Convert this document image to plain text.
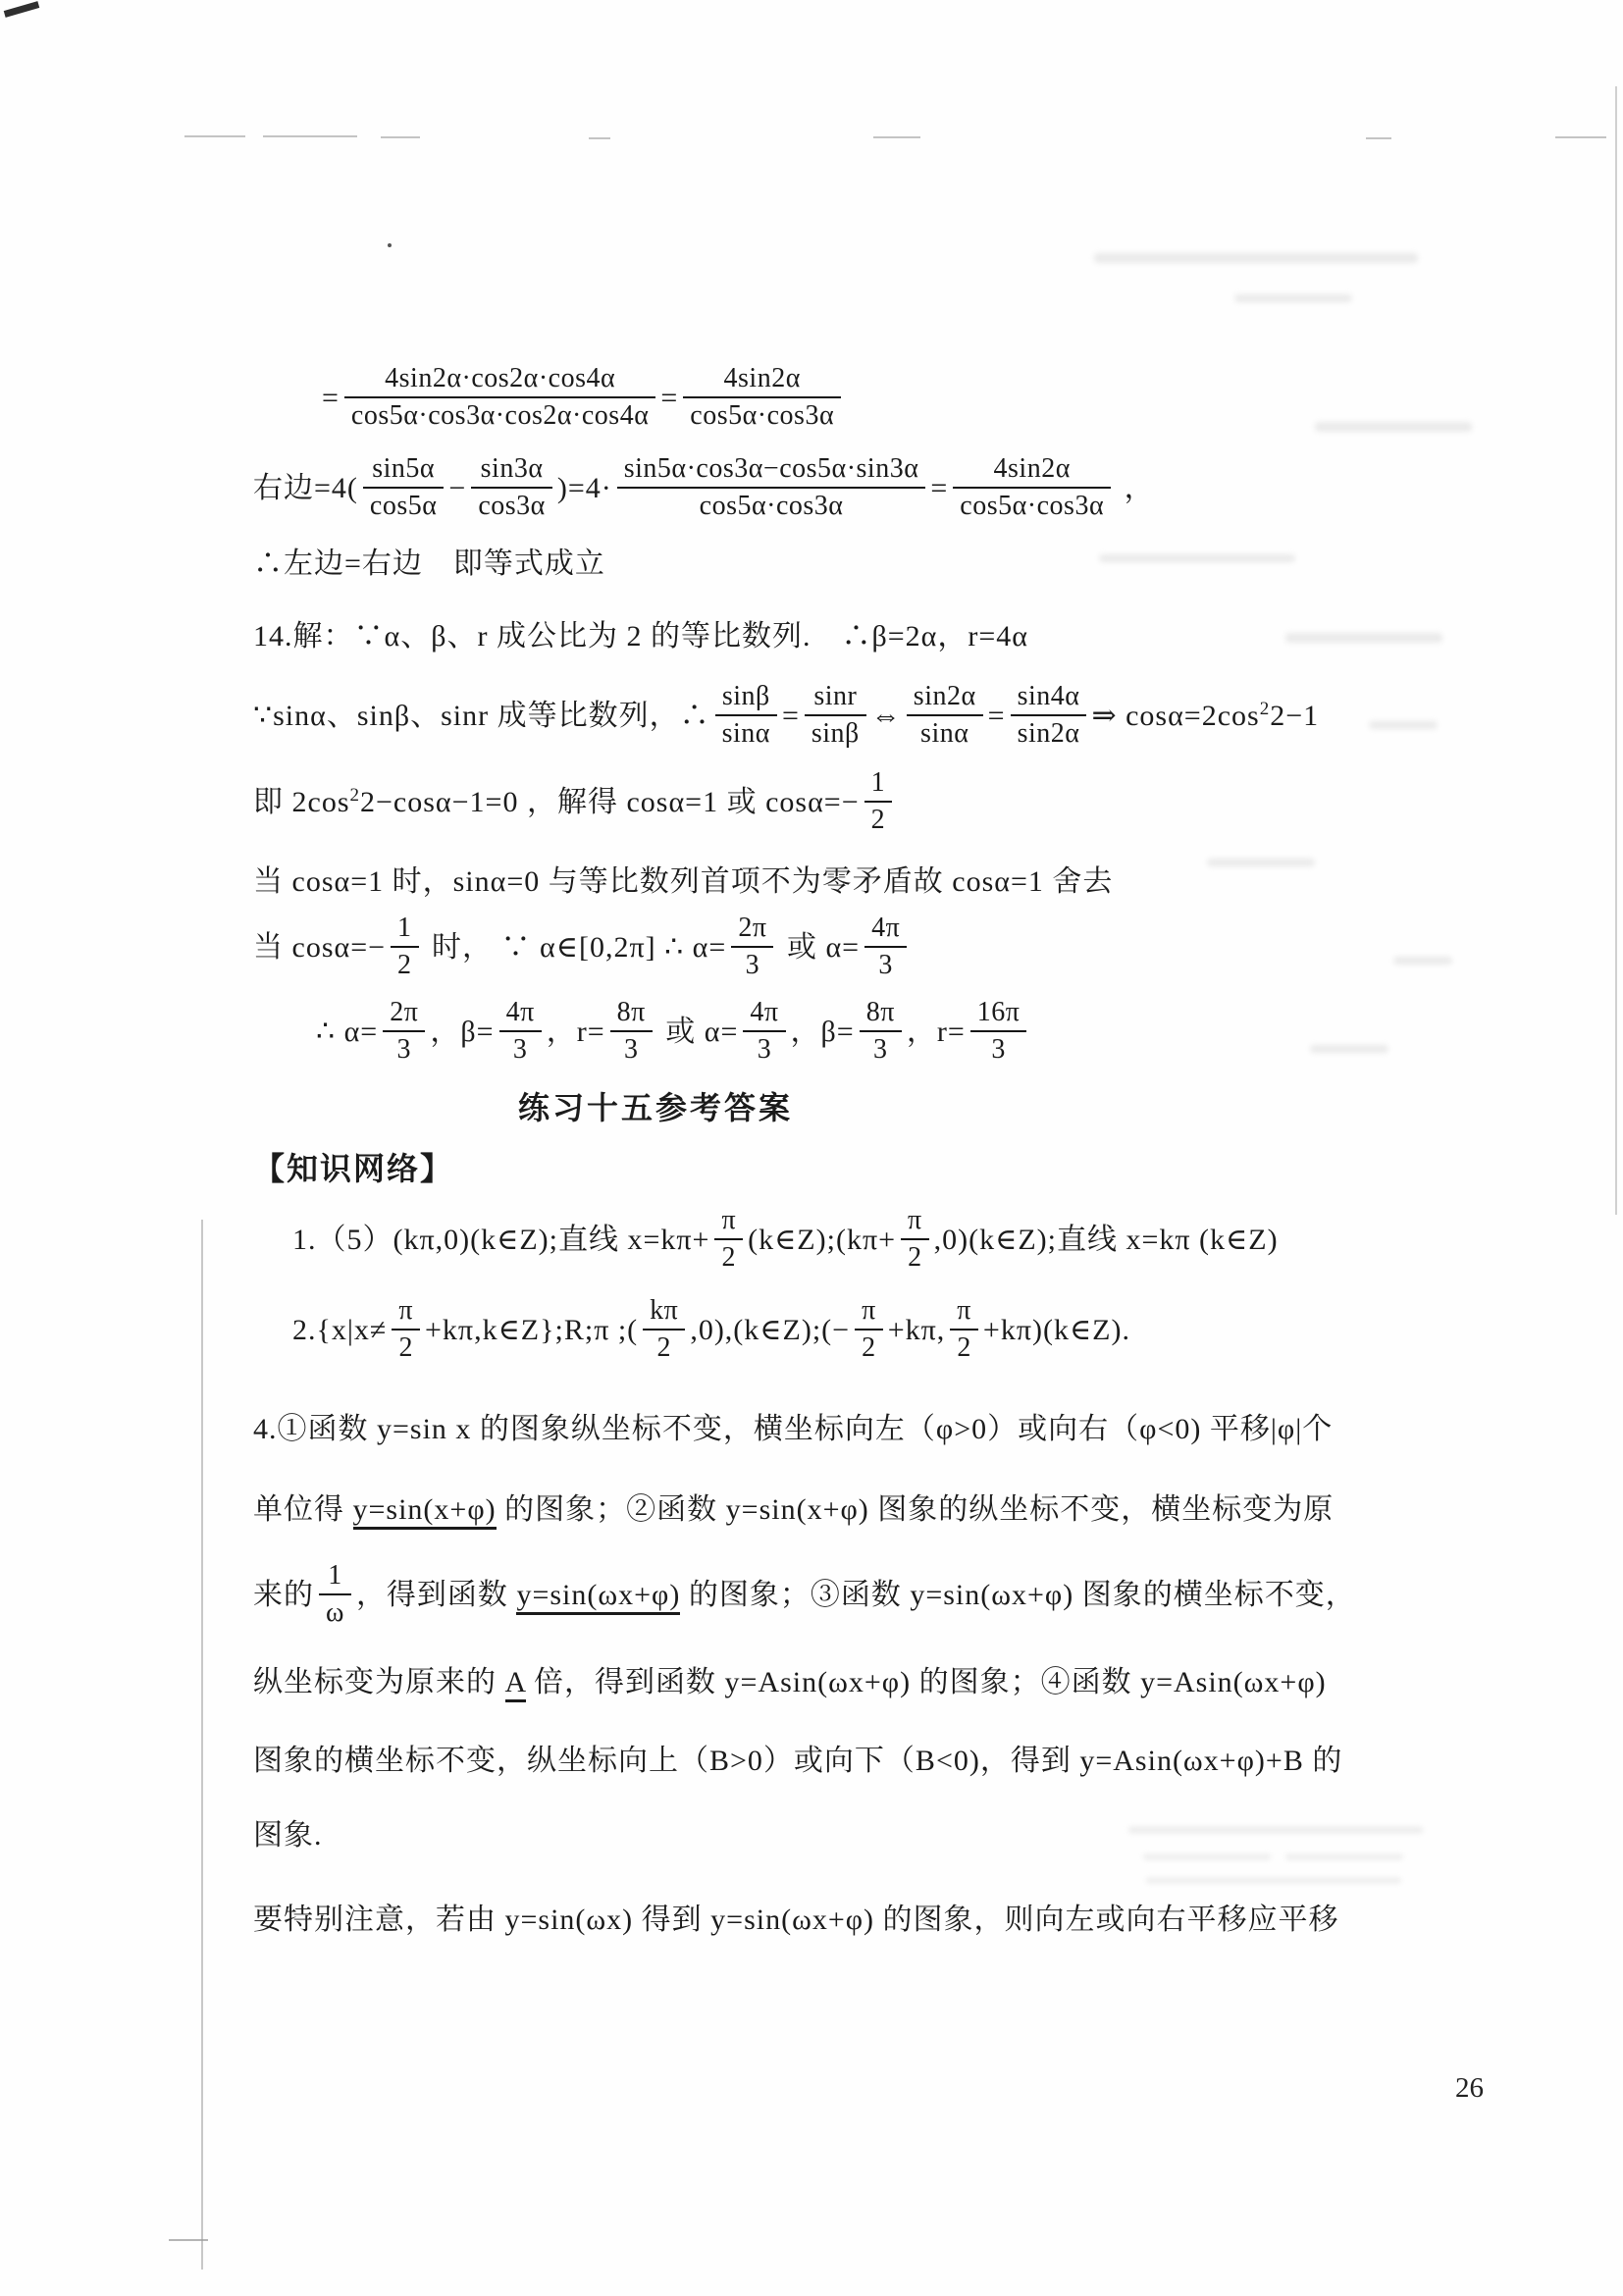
= $\frac{4\sin 2\alpha\cdot\cos 2\alpha\cdot\cos 4\alpha}{\cos 5\alpha\cdot\cos 3\alpha\cdot\cos 2\alpha\cdot\cos 4\alpha} = \frac{4\sin 2\alpha}{\cos 5\alpha\cdot\cos 3\alpha}$
右边$=4( \frac{\sin 5\alpha}{\cos 5\alpha} - \frac{\sin 3\alpha}{\cos 3\alpha} )=4\cdot \frac{\sin 5\alpha\cdot\cos 3\alpha-\cos 5\alpha\cdot\sin 3\alpha}{\cos 5\alpha\cdot\cos 3\alpha} = \frac{4\sin 2\alpha}{\cos 5\alpha\cdot\cos 3\alpha}$ ，
∴左边=右边　即等式成立
14.解：∵α、β、r 成公比为 2 的等比数列.　∴β=2α，r=4α
∵sinα、sinβ、sinr 成等比数列，∴ $\frac{\sin\beta}{\sin\alpha} = \frac{\sin r}{\sin\beta}$ ⇔ $\frac{\sin 2\alpha}{\sin\alpha} = \frac{\sin 4\alpha}{\sin 2\alpha}$ ⇒ $\cos\alpha=2\cos^22-1$
即 $2\cos^22-\cos\alpha-1=0$ ，解得 cosα=1 或 $\cos\alpha=- \frac{1}{2}$
当 cosα=1 时，sinα=0 与等比数列首项不为零矛盾故 cosα=1 舍去
当 $\cos\alpha=- \frac{1}{2}$ 时， ∵ α∈[0,2π] ∴ $\alpha= \frac{2\pi}{3}$ 或 $\alpha= \frac{4\pi}{3}$
∴ $\alpha= \frac{2\pi}{3}$ ，$\beta= \frac{4\pi}{3}$ ，$r= \frac{8\pi}{3}$ 或 $\alpha= \frac{4\pi}{3}$ ，$\beta= \frac{8\pi}{3}$ ，$r= \frac{16\pi}{3}$
练习十五参考答案
【知识网络】
1.（5）(kπ,0)(k∈Z);直线 $x=k\pi+ \frac{\pi}{2}$ (k∈Z);(kπ+ $\frac{\pi}{2}$ ,0)(k∈Z);直线 x=kπ (k∈Z)
$2.\{x|x\ne \frac{\pi}{2}$ +kπ,k∈Z};R;π ;( $\frac{k\pi}{2}$ ,0),(k∈Z);(− $\frac{\pi}{2} +k\pi$, $\frac{\pi}{2}$ +kπ)(k∈Z).
4.①函数 y=sin x 的图象纵坐标不变，横坐标向左（φ>0）或向右（φ<0) 平移|φ|个
单位得 y=sin(x+φ) 的图象；②函数 y=sin(x+φ) 图象的纵坐标不变，横坐标变为原
来的 $\frac{1}{\omega}$ ，得到函数 y=sin(ωx+φ) 的图象；③函数 y=sin(ωx+φ) 图象的横坐标不变，
纵坐标变为原来的 A 倍，得到函数 y=Asin(ωx+φ) 的图象；④函数 y=Asin(ωx+φ)
图象的横坐标不变，纵坐标向上（B>0）或向下（B<0)，得到 y=Asin(ωx+φ)+B 的
图象.
要特别注意，若由 y=sin(ωx) 得到 y=sin(ωx+φ) 的图象，则向左或向右平移应平移
26
